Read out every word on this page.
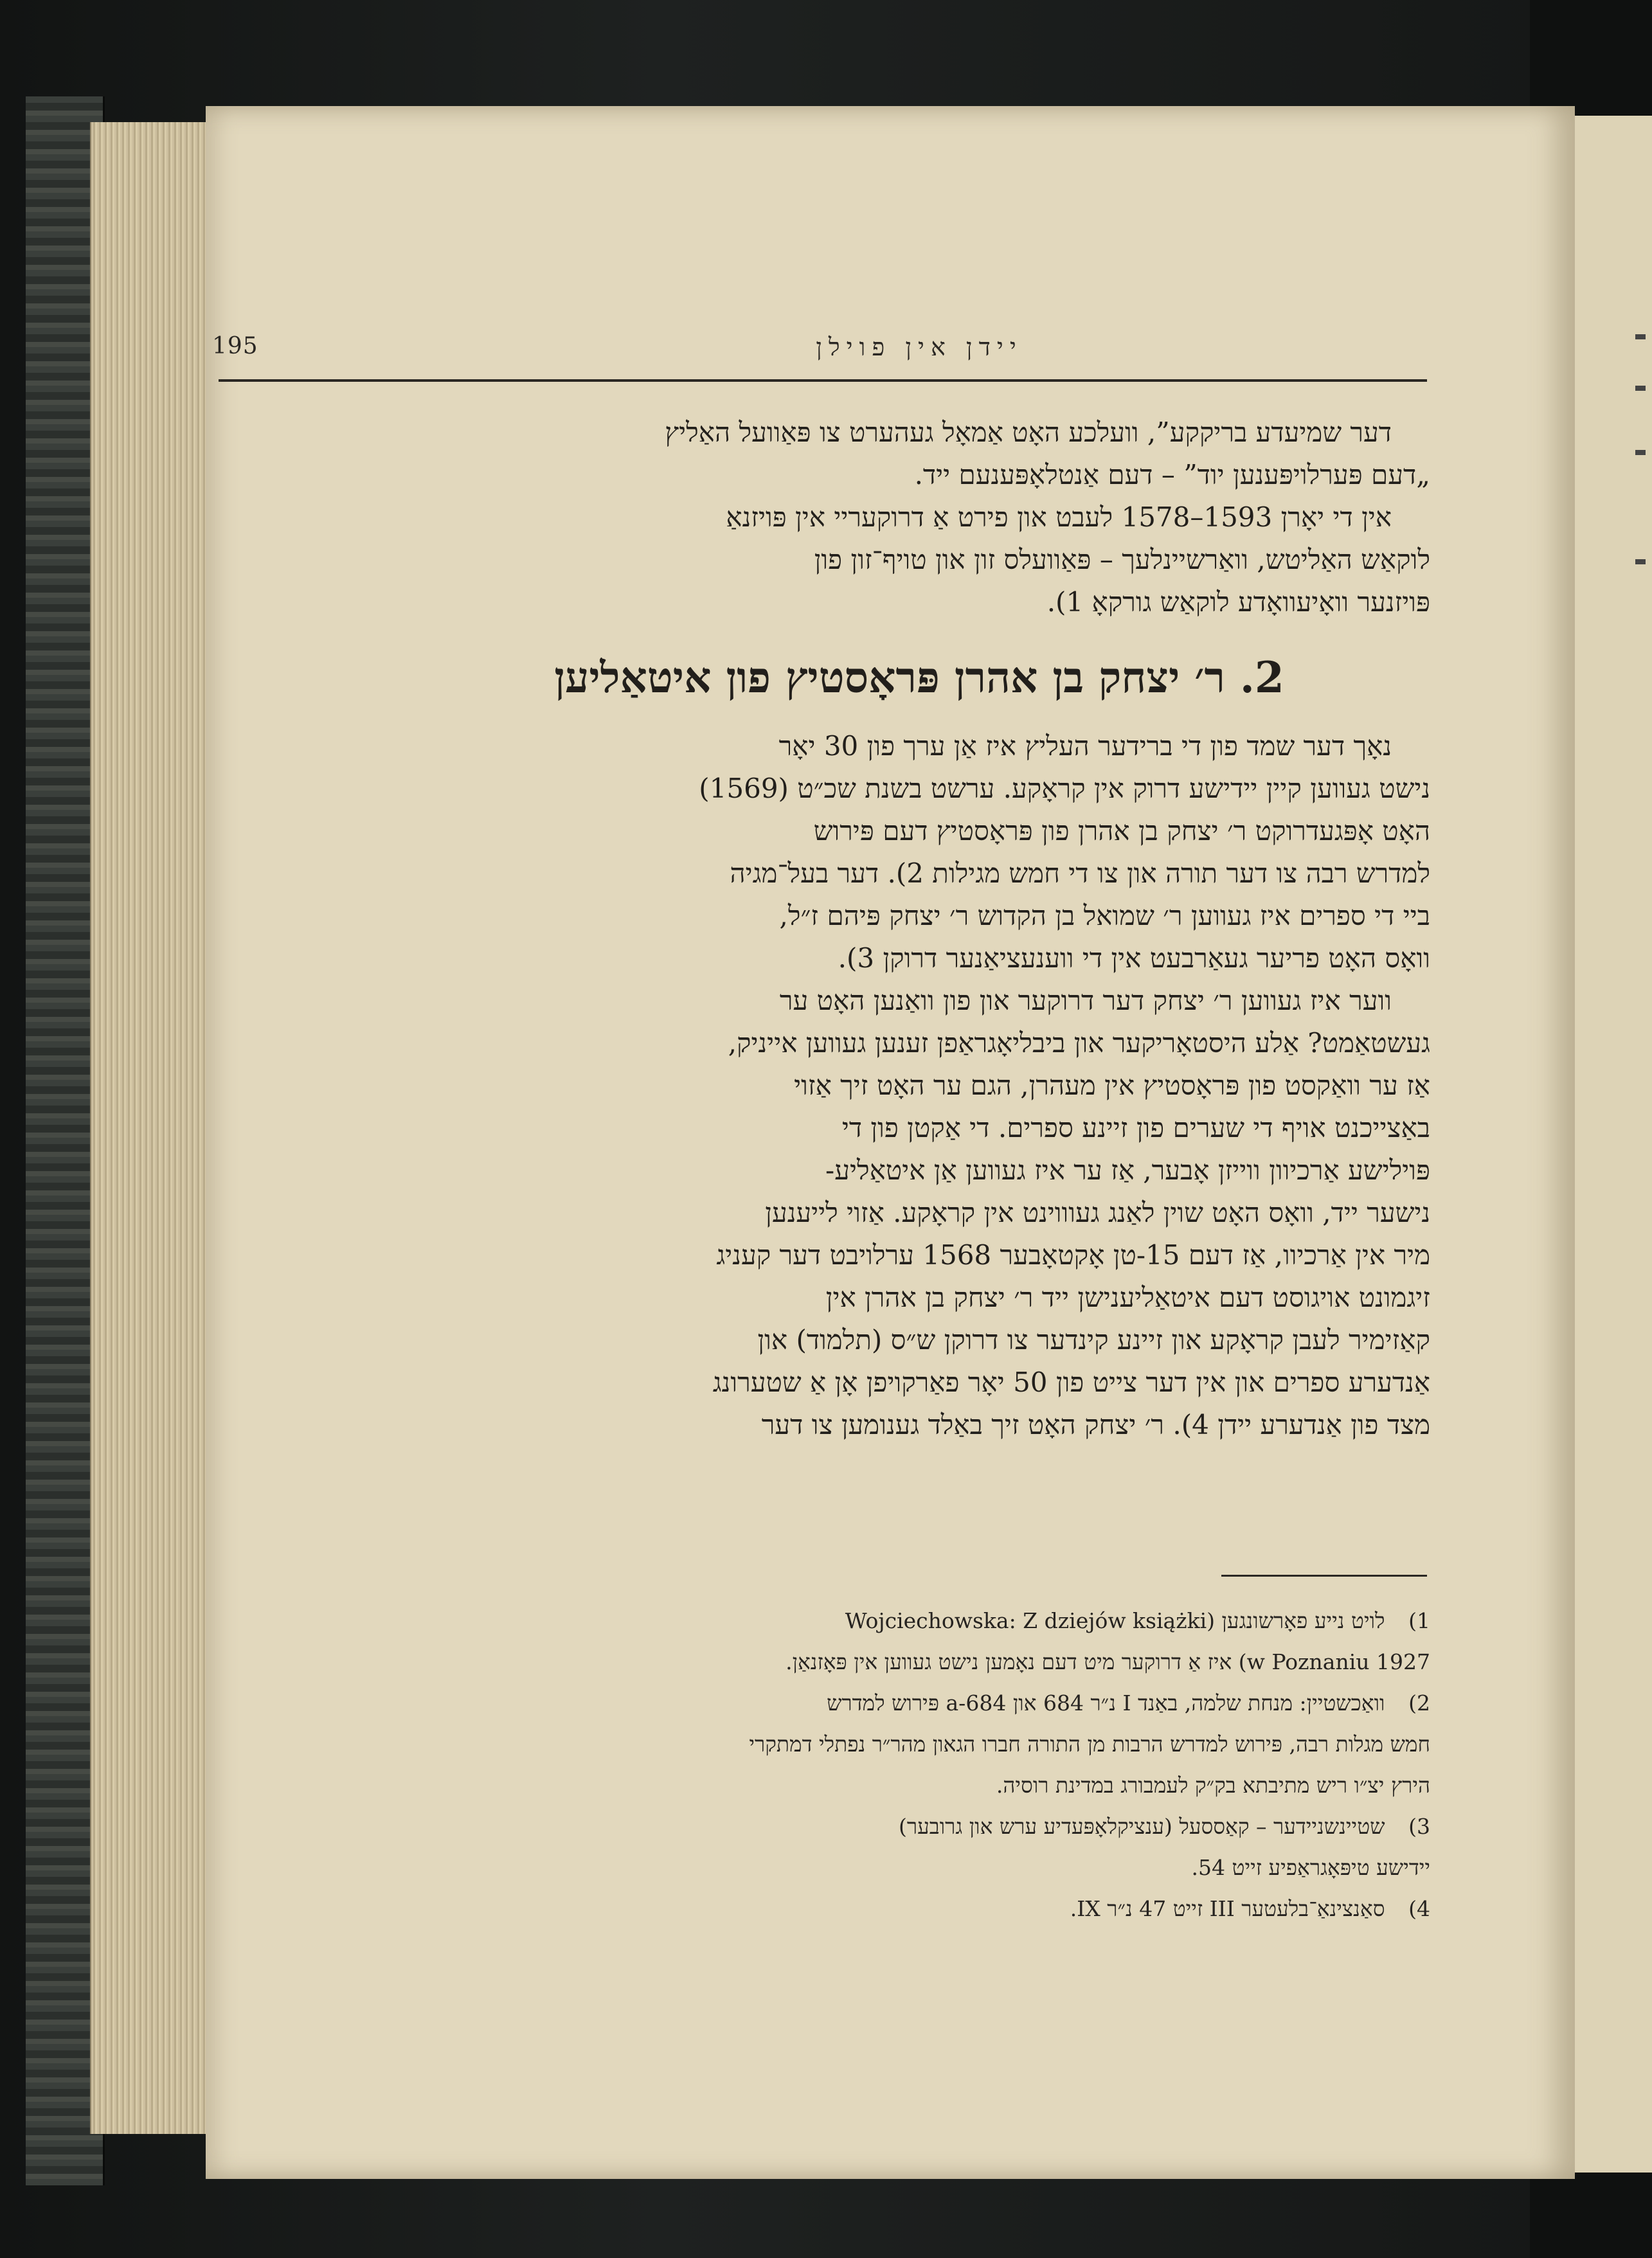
195	יידן אין פוילן

דער שמיעדע בריקקע”, וועלכע האָט אַמאָל געהערט צו פּאַוועל האַליץ
„דעם פּערלויפּענען יוד” – דעם אַנטלאָפּענעם ייד.

אין די יאָרן 1593–1578 לעבט און פירט אַ דרוקעריי אין פּויזנאַ
לוקאַש האַליטש, וואַרשיינלעך – פּאַוועלס זון און טויף־זון פון
פּויזנער וואָיעוואָדע לוקאַש גורקאָ 1).

2. ר׳ יצחק בן אהרן פּראָסטיץ פון איטאַליען

נאָך דער שמד פון די ברידער העליץ איז אַן ערך פון 30 יאָר
נישט געווען קיין יידישע דרוק אין קראָקע. ערשט בשנת שכ״ט (1569)
האָט אָפּגעדרוקט ר׳ יצחק בן אהרן פון פּראָסטיץ דעם פּירוש
למדרש רבה צו דער תורה און צו די חמש מגילות 2). דער בעל־מגיה
ביי די ספרים איז געווען ר׳ שמואל בן הקדוש ר׳ יצחק פּיהם ז״ל,
וואָס האָט פריער געאַרבעט אין די ווענעציאַנער דרוקן 3).

ווער איז געווען ר׳ יצחק דער דרוקער און פון וואַנען האָט ער
געשטאַמט? אַלע היסטאָריקער און ביבליאָגראַפן זענען געווען אייניק,
אַז ער וואַקסט פון פּראָסטיץ אין מעהרן, הגם ער האָט זיך אַזוי
באַצייכנט אויף די שערים פון זיינע ספרים. די אַקטן פון די
פּוילישע אַרכיוון ווייזן אָבער, אַז ער איז געווען אַן איטאַליע-
נישער ייד, וואָס האָט שוין לאַנג געוווינט אין קראָקע. אַזוי לייענען
מיר אין אַרכיוו, אַז דעם 15-טן אָקטאָבער 1568 ערלויבט דער קעניג
זיגמונט אויגוסט דעם איטאַליענישן ייד ר׳ יצחק בן אהרן אין
קאַזימיר לעבן קראָקע און זיינע קינדער צו דרוקן ש״ס (תלמוד) און
אַנדערע ספרים און אין דער צייט פון 50 יאָר פאַרקויפן אָן אַ שטערונג
מצד פון אַנדערע יידן 4). ר׳ יצחק האָט זיך באַלד גענומען צו דער

1) לויט נייע פאָרשונגען (Wojciechowska: Z dziejów książki
w Poznaniu 1927) איז אַ דרוקער מיט דעם נאָמען נישט געווען אין פּאָזנאַן.

2) וואַכשטיין: מנחת שלמה, באַנד I נ״ר 684 און 684-a פּירוש למדרש
חמש מגלות רבה, פּירוש למדרש הרבות מן התורה חברו הגאון מהר״ר נפתלי דמתקרי
הירץ יצ״ו ריש מתיבתא בק״ק לעמבורג במדינת רוסיה.

3) שטיינשניידער – קאַססעל (ענציקלאָפּעדיע ערש און גרובער)
יידישע טיפּאָגראַפיע זייט 54.

4) סאַנצינאַ־בלעטער III זייט 47 נ״ר IX.
